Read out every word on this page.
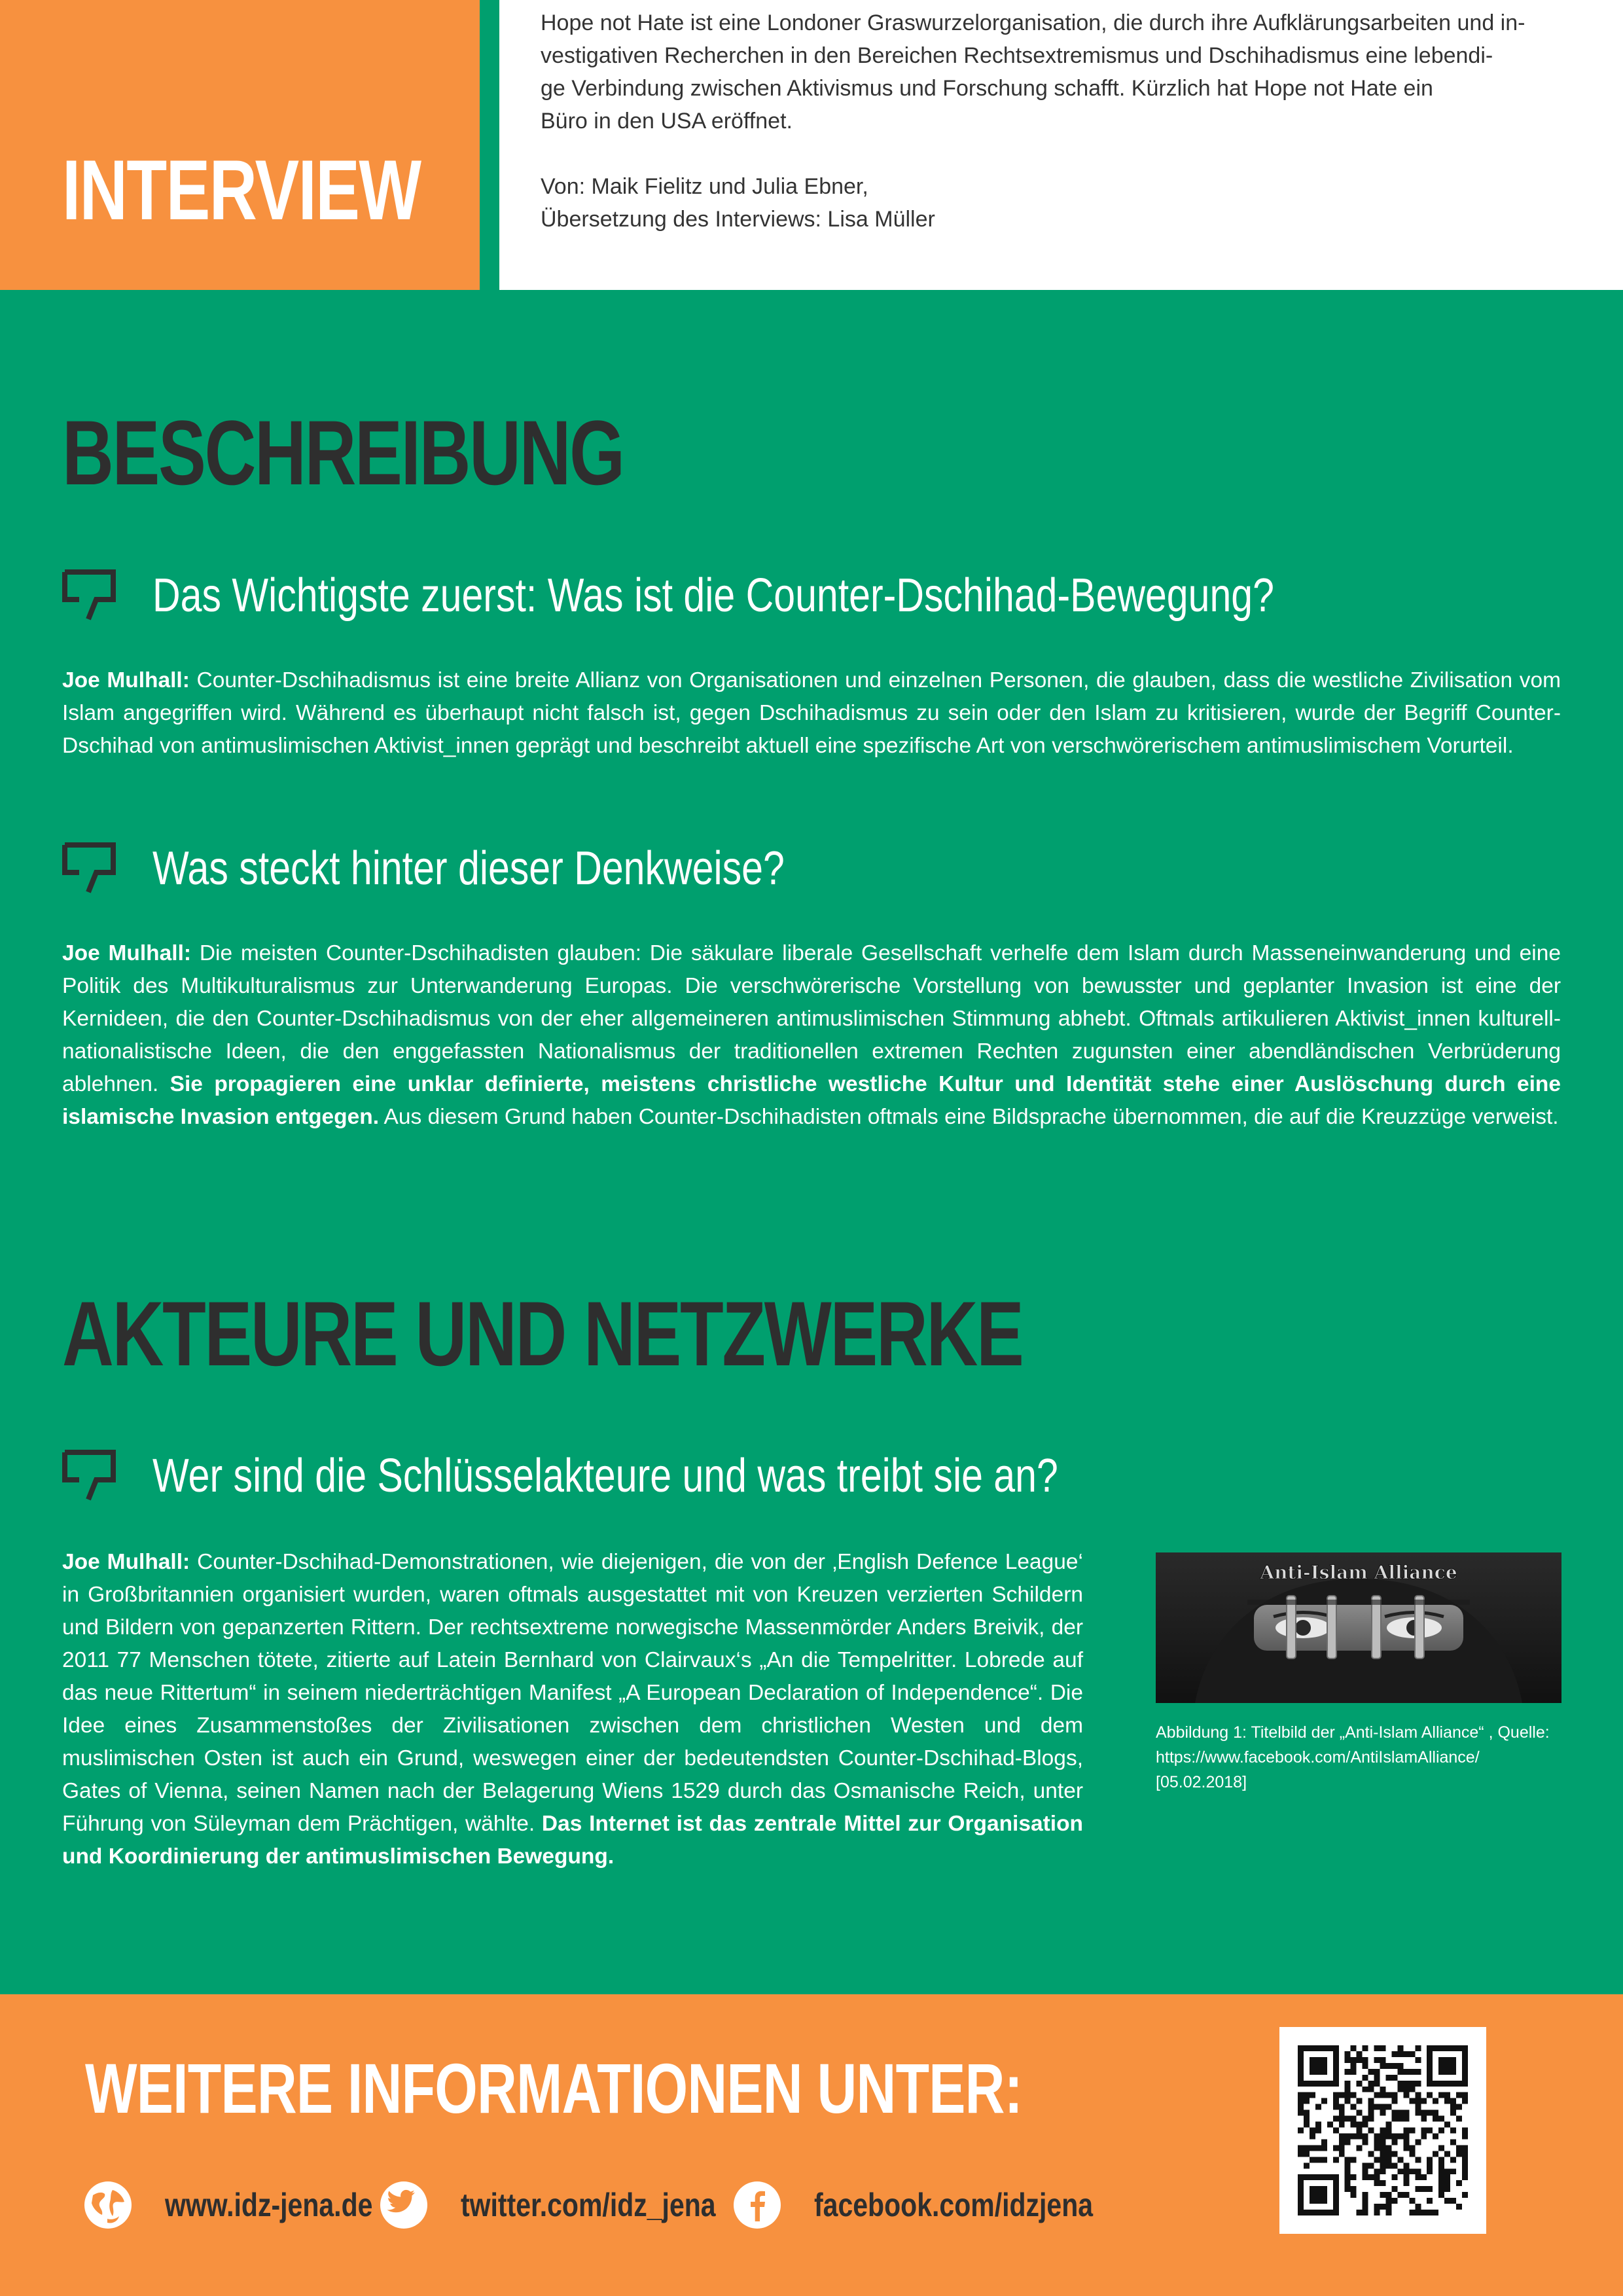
INTERVIEW

Hope not Hate ist eine Londoner Graswurzelorganisation, die durch ihre Aufklärungsarbeiten und in-

vestigativen Recherchen in den Bereichen Rechtsextremismus und Dschihadismus eine lebendi-

ge Verbindung zwischen Aktivismus und Forschung schafft. Kürzlich hat Hope not Hate ein

Büro in den USA eröffnet.

Von: Maik Fielitz und Julia Ebner,

Übersetzung des Interviews: Lisa Müller

BESCHREIBUNG
Das Wichtigste zuerst: Was ist die Counter-Dschihad-Bewegung?

Joe Mulhall: Counter-Dschihadismus ist eine breite Allianz von Organisationen und einzelnen Personen, die glauben, dass die westliche Zivilisation vom Islam angegriffen wird. Während es überhaupt nicht falsch ist, gegen Dschihadismus zu sein oder den Islam zu kritisieren, wurde der Begriff Counter-Dschihad von antimuslimischen Aktivist_innen geprägt und beschreibt aktuell eine spezifische Art von verschwörerischem antimuslimischem Vorurteil.

Was steckt hinter dieser Denkweise?

Joe Mulhall: Die meisten Counter-Dschihadisten glauben: Die säkulare liberale Gesellschaft verhelfe dem Islam durch Masseneinwanderung und eine Politik des Multikulturalismus zur Unterwanderung Europas. Die verschwörerische Vorstellung von bewusster und geplanter Invasion ist eine der Kernideen, die den Counter-Dschihadismus von der eher allgemeineren antimuslimischen Stimmung abhebt. Oftmals artikulieren Aktivist_innen kulturell-nationalistische Ideen, die den enggefassten Nationalismus der traditionellen extremen Rechten zugunsten einer abendländischen Verbrüderung ablehnen. Sie propagieren eine unklar definierte, meistens christliche westliche Kultur und Identität stehe einer Auslöschung durch eine islamische Invasion entgegen. Aus diesem Grund haben Counter-Dschihadisten oftmals eine Bildsprache übernommen, die auf die Kreuzzüge verweist.

AKTEURE UND NETZWERKE
Wer sind die Schlüsselakteure und was treibt sie an?

Joe Mulhall: Counter-Dschihad-Demonstrationen, wie diejenigen, die von der ‚English Defence League‘ in Großbritannien organisiert wurden, waren oftmals ausgestattet mit von Kreuzen verzierten Schildern und Bildern von gepanzerten Rittern. Der rechtsextreme norwegische Massenmörder Anders Breivik, der 2011 77 Menschen tötete, zitierte auf Latein Bernhard von Clairvaux‘s „An die Tempelritter. Lobrede auf das neue Rittertum“ in seinem niederträchtigen Manifest „A European Declaration of Independence“. Die Idee eines Zusammenstoßes der Zivilisationen zwischen dem christlichen Westen und dem muslimischen Osten ist auch ein Grund, weswegen einer der bedeutendsten Counter-Dschihad-Blogs, Gates of Vienna, seinen Namen nach der Belagerung Wiens 1529 durch das Osmanische Reich, unter Führung von Süleyman dem Prächtigen, wählte. Das Internet ist das zentrale Mittel zur Organisation und Koordinierung der antimuslimischen Bewegung.

Anti-Islam Alliance

Abbildung 1: Titelbild der „Anti-Islam Alliance“ , Quelle: https://www.facebook.com/AntiIslamAlliance/ [05.02.2018]

WEITERE INFORMATIONEN UNTER:
www.idz-jena.de	twitter.com/idz_jena	facebook.com/idzjena
